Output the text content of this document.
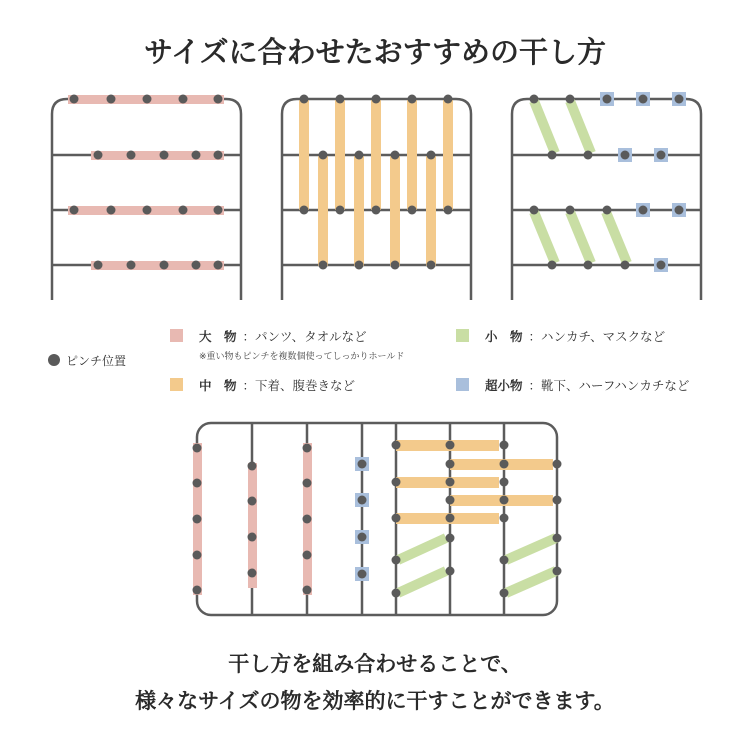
サイズに合わせたおすすめの干し方
ピンチ位置
大　物 ：パンツ、タオルなど
※重い物もピンチを複数個使ってしっかりホールド
小　物 ：ハンカチ、マスクなど
中　物 ：下着、腹巻きなど	超小物 ：靴下、ハーフハンカチなど
干し方を組み合わせることで、
様々なサイズの物を効率的に干すことができます。
